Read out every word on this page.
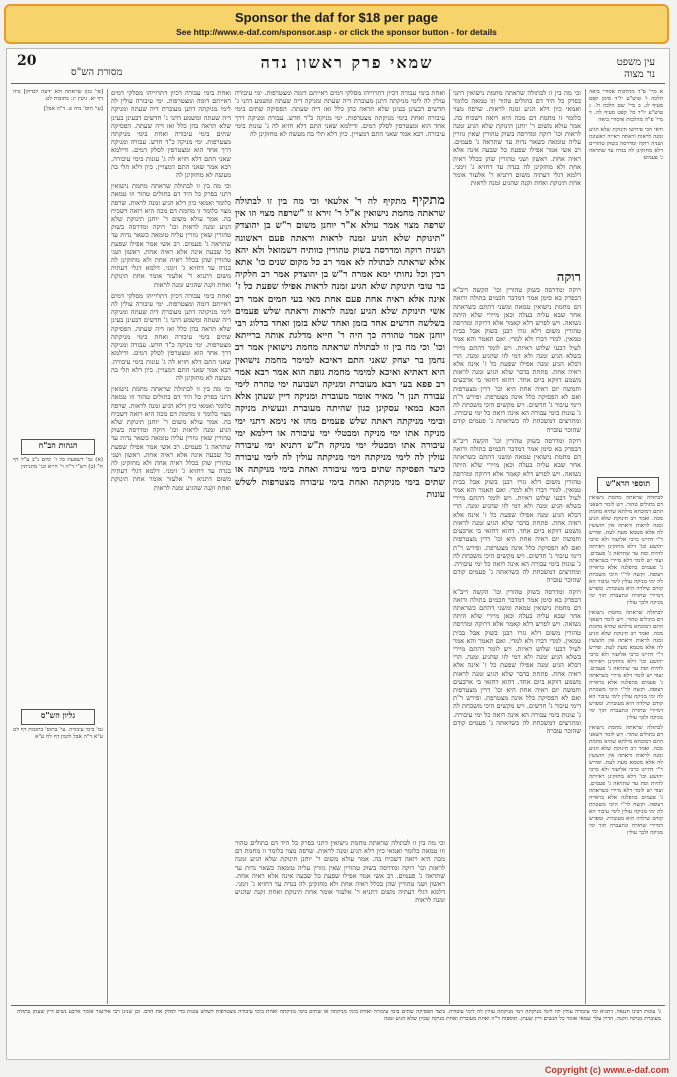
Sponsor the daf for $18 per page
See http://www.e-daf.com/sponsor.asp - or click the sponsor button - for details
20	שמאי פרק ראשון נדה	עין משפט
נר מצוה
מסורת הש"ס

א מיי' פ"ד מהלכות אסורי ביאה הלכה ז' טוש"ע יו"ד סימן קפט סעיף לג. ב מיי' שם הלכה ח'. ג טוש"ע יו"ד סי' קפט סעיף לה. ד מיי' פ"ה מהלכות איסורי ביאה

ודאי הכי פירושו תינוקת שלא הגיע זמנה לראות וראתה ראייה ראשונה ושניה רוקה ומדרסה בשוק טהורים דלא מחזקינן לה בנדה עד שתראה ג' פעמים

תוספי הרא"ש

לבתולה שראתה מחמת נישואין דם בתולים טהור. ויש לומר דשאני התם דמוכחא מילתא שהיא מחמת מכה. ואמר רב תינוקת שלא הגיע זמנה לראות וראתה אין חוששין לה אלא מטמא מעת לעת. ופירש ר"י דהיינו כרבי אליעזר ולא כרבי יהושע וכו' דלא מחזקינן ראייתה להיות וסת עד שתראה ג' פעמים. ועוד יש לומר דלא מיירי כשראתה ג' פעמים בהפלגה אלא בראייה רצופה. וקשה לר"י היכי משכחת לה ימי מניקה עולין לימי עיבור הא קודם שילדה היא מעוברת. ומפרש דמיירי שחזרה ונתעברה תוך ימי מניקה ולכך עולין

לבתולה שראתה מחמת נישואין דם בתולים טהור. ויש לומר דשאני התם דמוכחא מילתא שהיא מחמת מכה. ואמר רב תינוקת שלא הגיע זמנה לראות וראתה אין חוששין לה אלא מטמא מעת לעת. ופירש ר"י דהיינו כרבי אליעזר ולא כרבי יהושע וכו' דלא מחזקינן ראייתה להיות וסת עד שתראה ג' פעמים. ועוד יש לומר דלא מיירי כשראתה ג' פעמים בהפלגה אלא בראייה רצופה. וקשה לר"י היכי משכחת לה ימי מניקה עולין לימי עיבור הא קודם שילדה היא מעוברת. ומפרש דמיירי שחזרה ונתעברה תוך ימי מניקה ולכך עולין

לבתולה שראתה מחמת נישואין דם בתולים טהור. ויש לומר דשאני התם דמוכחא מילתא שהיא מחמת מכה. ואמר רב תינוקת שלא הגיע זמנה לראות וראתה אין חוששין לה אלא מטמא מעת לעת. ופירש ר"י דהיינו כרבי אליעזר ולא כרבי יהושע וכו' דלא מחזקינן ראייתה להיות וסת עד שתראה ג' פעמים. ועוד יש לומר דלא מיירי כשראתה ג' פעמים בהפלגה אלא בראייה רצופה. וקשה לר"י היכי משכחת לה ימי מניקה עולין לימי עיבור הא קודם שילדה היא מעוברת. ומפרש דמיירי שחזרה ונתעברה תוך ימי מניקה ולכך עולין

וכי מה בין זו לבתולה שראתה מחמת נישואין דתני בפרק כל היד דם בתולים טהור וזו טמאה כלומר ואמאי כיון דלא הגיע זמנה לראות. שרפה מצוי כלומר זו מחמת דם מכה היא רואה דשכיח בה. אמר עולא משום ר' יוחנן תינוקת שלא הגיע זמנה לראות וכו' רוקה ומדרסה בשוק טהורין שאין גוזרין עליה טומאה כשאר נדות עד שתראה ג' פעמים. רב אשי אמר אפילו שפעת כל שבעה אינה אלא ראיה אחת. ראשון ושני טהורין שהן בכלל ראיה אחת ולא מחזקינן לה בנדה עד דחזיא ג' זימני. דלמא דגלי דעתיה משום דתניא ר' אלעזר אומר אחת תינוקת ואחת זקנה שהגיע זמנה לראות

רוקה

רוקה ומדרסה בשוק טהורין וכו' הקשה ריב"א דבפרק בא סימן אמר דמדבר חכמים בתולה ורואה דם מחמת נישואין טמאה ומשני דהתם כשראתה אחר שבא עליה בעלה וכאן מיירי שלא היתה נשואה. ויש לפרש דלא קאמר אלא דרוקה ומדרסה טהורין משום דלא גזרו רבנן בשוק אבל בבית טמאין. למדי דברו ולא למדי. ואם תאמר והא אמר לעיל דבעי שלוש ראיות. ויש לומר דהתם מיירי בשלא הגיע זמנה ולא דמי לזו שהגיע זמנה. הרי דבלא הגיע זמנה אפילו שפעת כל ז' אינה אלא ראיה אחת. פתחת בדבר שלא הגיע זמנה לראות משמע דווקא ביום אחד. דהוא דחזאי בי ארבעים וחמשה יום ראיה אחת היא וכו' דרין מצטרפות ואם לא הפסיקה כלל אינה מצטרפת. ופירש ר"ת דימי עיבור ג' חדשים. ויש מקשים היכי משכחת לה ג' עונות בימי עבורה הא אינה רואה כל ימי עיבורה. ומתרצים דמשכחת לה כשראתה ג' פעמים קודם שהוכר עוברה

רוקה ומדרסה בשוק טהורין וכו' הקשה ריב"א דבפרק בא סימן אמר דמדבר חכמים בתולה ורואה דם מחמת נישואין טמאה ומשני דהתם כשראתה אחר שבא עליה בעלה וכאן מיירי שלא היתה נשואה. ויש לפרש דלא קאמר אלא דרוקה ומדרסה טהורין משום דלא גזרו רבנן בשוק אבל בבית טמאין. למדי דברו ולא למדי. ואם תאמר והא אמר לעיל דבעי שלוש ראיות. ויש לומר דהתם מיירי בשלא הגיע זמנה ולא דמי לזו שהגיע זמנה. הרי דבלא הגיע זמנה אפילו שפעת כל ז' אינה אלא ראיה אחת. פתחת בדבר שלא הגיע זמנה לראות משמע דווקא ביום אחד. דהוא דחזאי בי ארבעים וחמשה יום ראיה אחת היא וכו' דרין מצטרפות ואם לא הפסיקה כלל אינה מצטרפת. ופירש ר"ת דימי עיבור ג' חדשים. ויש מקשים היכי משכחת לה ג' עונות בימי עבורה הא אינה רואה כל ימי עיבורה. ומתרצים דמשכחת לה כשראתה ג' פעמים קודם שהוכר עוברה

רוקה ומדרסה בשוק טהורין וכו' הקשה ריב"א דבפרק בא סימן אמר דמדבר חכמים בתולה ורואה דם מחמת נישואין טמאה ומשני דהתם כשראתה אחר שבא עליה בעלה וכאן מיירי שלא היתה נשואה. ויש לפרש דלא קאמר אלא דרוקה ומדרסה טהורין משום דלא גזרו רבנן בשוק אבל בבית טמאין. למדי דברו ולא למדי. ואם תאמר והא אמר לעיל דבעי שלוש ראיות. ויש לומר דהתם מיירי בשלא הגיע זמנה ולא דמי לזו שהגיע זמנה. הרי דבלא הגיע זמנה אפילו שפעת כל ז' אינה אלא ראיה אחת. פתחת בדבר שלא הגיע זמנה לראות משמע דווקא ביום אחד. דהוא דחזאי בי ארבעים וחמשה יום ראיה אחת היא וכו' דרין מצטרפות ואם לא הפסיקה כלל אינה מצטרפת. ופירש ר"ת דימי עיבור ג' חדשים. ויש מקשים היכי משכחת לה ג' עונות בימי עבורה הא אינה רואה כל ימי עיבורה. ומתרצים דמשכחת לה כשראתה ג' פעמים קודם שהוכר עוברה

ואחת בימי עבורה דכיון דתרוייהו מסלקי דמים ראייתם דומה ומצטרפות. ימי עיבורה עולין לה לימי מניקתה דתנן מעוברת דיה שעתה ומניקה דיה שעתה ומשמע דהני ג' חדשים דבעינן בעינן שלא תראה בהן כלל ואז דיה שעתה. הפסיקה שתים בימי עיבורה ואחת בימי מניקתה מצטרפות. ימי מניקה כ"ד חדש. עבורה ומניקה דרך אחד הוא ומצטרפין לסלק דמים. ודילמא שאני התם דלא חזיא לה ג' עונות בימי עיבורה. רבא אמר שאני התם דמצויין. כיון דלא תלי בה מעשה לא מחזקינן לה

מתקיף מתקיף לה ר' אלעאי וכי מה בין זו לבתולה שראתה מחמת נישואין א"ל ר' זירא זו "שרפה מצוי וזו אין שרפה מצוי אמר עולא א"ר יוחנן משום ר"ש בן יהוצדק "תינוקת שלא הגיע זמנה לראות וראתה פעם ראשונה ושניה רוקה ומדרסה בשוק טהורין כוותיה דשמואל ולא יהא אלא שראתה לבתולה לא אמר רב כל מקום שנים כו' אתא רבין וכל נחותי ימא אמרה ר"ש בן יהוצדק אמר רב חלקיה בר טובי תינוקת שלא הגיע זמנה לראות אפילו שפעת כל ז' אינה אלא ראיה אחת פעם אחת מאי בעי חמים אמר רב אשי תינוקת שלא הגיע זמנה לראות וראתה שלש פעמים בשלשה חדשים אחד בזמן ואחד שלא בזמן ואחד בדלוג רבי יוחנן אמר טהורה כך היה ר' חייא מדלגת אותה ברייתא וכו' וכי מה בין זו לבתולה שראתה מחמת נישואין אמר רב נחמן בר יצחק שאני התם דאיכא למימר מחמת נישואין היא דאתיא ואיכא למימר מחמת גופה הוא אמר רבא אמר רב פפא בעי רבא מעוברת ומניקה ושבועה ימי טהרה לימי עבורה תנן ר' מאיר אומר מעוברת ומניקה דיין שעתן אלא הכא במאי עסקינן כגון שהיתה מעוברת ונעשית מניקה ובימי מניקתה ראתה שלש פעמים מהו אי נימא דתני ימי מניקה אתו ימי מניקה ומבטלי ימי עיבורה או דילמא ימי עיבורה אתו ומבטלי ימי מניקה ת"ש דתניא ימי עיבורה עולין לה לימי מניקתה וימי מניקתה עולין לה לימי עיבורה כיצד הפסיקה שתים בימי עיבורה ואחת בימי מניקתה או שתים בימי מניקתה ואחת בימי עיבורה מצטרפות לשלש עונות

וכי מה בין זו לבתולה שראתה מחמת נישואין דתני בפרק כל היד דם בתולים טהור וזו טמאה כלומר ואמאי כיון דלא הגיע זמנה לראות. שרפה מצוי כלומר זו מחמת דם מכה היא רואה דשכיח בה. אמר עולא משום ר' יוחנן תינוקת שלא הגיע זמנה לראות וכו' רוקה ומדרסה בשוק טהורין שאין גוזרין עליה טומאה כשאר נדות עד שתראה ג' פעמים. רב אשי אמר אפילו שפעת כל שבעה אינה אלא ראיה אחת. ראשון ושני טהורין שהן בכלל ראיה אחת ולא מחזקינן לה בנדה עד דחזיא ג' זימני. דלמא דגלי דעתיה משום דתניא ר' אלעזר אומר אחת תינוקת ואחת זקנה שהגיע זמנה לראות

ואחת בימי עבורה דכיון דתרוייהו מסלקי דמים ראייתם דומה ומצטרפות. ימי עיבורה עולין לה לימי מניקתה דתנן מעוברת דיה שעתה ומניקה דיה שעתה ומשמע דהני ג' חדשים דבעינן בעינן שלא תראה בהן כלל ואז דיה שעתה. הפסיקה שתים בימי עיבורה ואחת בימי מניקתה מצטרפות. ימי מניקה כ"ד חדש. עבורה ומניקה דרך אחד הוא ומצטרפין לסלק דמים. ודילמא שאני התם דלא חזיא לה ג' עונות בימי עיבורה. רבא אמר שאני התם דמצויין. כיון דלא תלי בה מעשה לא מחזקינן לה

וכי מה בין זו לבתולה שראתה מחמת נישואין דתני בפרק כל היד דם בתולים טהור וזו טמאה כלומר ואמאי כיון דלא הגיע זמנה לראות. שרפה מצוי כלומר זו מחמת דם מכה היא רואה דשכיח בה. אמר עולא משום ר' יוחנן תינוקת שלא הגיע זמנה לראות וכו' רוקה ומדרסה בשוק טהורין שאין גוזרין עליה טומאה כשאר נדות עד שתראה ג' פעמים. רב אשי אמר אפילו שפעת כל שבעה אינה אלא ראיה אחת. ראשון ושני טהורין שהן בכלל ראיה אחת ולא מחזקינן לה בנדה עד דחזיא ג' זימני. דלמא דגלי דעתיה משום דתניא ר' אלעזר אומר אחת תינוקת ואחת זקנה שהגיע זמנה לראות

ואחת בימי עבורה דכיון דתרוייהו מסלקי דמים ראייתם דומה ומצטרפות. ימי עיבורה עולין לה לימי מניקתה דתנן מעוברת דיה שעתה ומניקה דיה שעתה ומשמע דהני ג' חדשים דבעינן בעינן שלא תראה בהן כלל ואז דיה שעתה. הפסיקה שתים בימי עיבורה ואחת בימי מניקתה מצטרפות. ימי מניקה כ"ד חדש. עבורה ומניקה דרך אחד הוא ומצטרפין לסלק דמים. ודילמא שאני התם דלא חזיא לה ג' עונות בימי עיבורה. רבא אמר שאני התם דמצויין. כיון דלא תלי בה מעשה לא מחזקינן לה

וכי מה בין זו לבתולה שראתה מחמת נישואין דתני בפרק כל היד דם בתולים טהור וזו טמאה כלומר ואמאי כיון דלא הגיע זמנה לראות. שרפה מצוי כלומר זו מחמת דם מכה היא רואה דשכיח בה. אמר עולא משום ר' יוחנן תינוקת שלא הגיע זמנה לראות וכו' רוקה ומדרסה בשוק טהורין שאין גוזרין עליה טומאה כשאר נדות עד שתראה ג' פעמים. רב אשי אמר אפילו שפעת כל שבעה אינה אלא ראיה אחת. ראשון ושני טהורין שהן בכלל ראיה אחת ולא מחזקינן לה בנדה עד דחזיא ג' זימני. דלמא דגלי דעתיה משום דתניא ר' אלעזר אומר אחת תינוקת ואחת זקנה שהגיע זמנה לראות

[פי' כגון שראתה ולא ידעה לבדוק] נדה דף יא. גיטין יג: כתובות לט.

[עי' תוס' נדה ט. ד"ה אבל]

הגהות הב"ח

(א) גמ' דשפעת כל ז' ימים נ"ב ע"ל דף ח" (ב) רש"י ד"ה ר' חייא וכו' מתניתין

גליון הש"ס

גמ' בימי עיבורה. עי' בתוס' כתובות דף לט ע"א ד"ה אבל לקמן דף לח ע"א

ג' עונות רבינו חננאל. דתניא ימי עיבורה עולין לה לימי מניקתה וימי מניקתה עולין לה לימי עיבורה. כיצד הפסיקה שתים בימי עיבורה ואחת בימי מניקתה או שתים בימי מניקתה ואחת בימי עיבורה מצטרפות לשלש עונות כדי לסלק את הדם. וכן שנינו רבי אליעזר אומר ארבע נשים דיין שעתן בתולה מעוברת מניקה וזקנה. הדרן עלך שמאי אומר כל הנשים דיין שעתן. תוספות ד"ה ואחת מעוברת ואחת מניקה שכיון שלא הגיע זמנה
Copyright (c) www.e-daf.com
